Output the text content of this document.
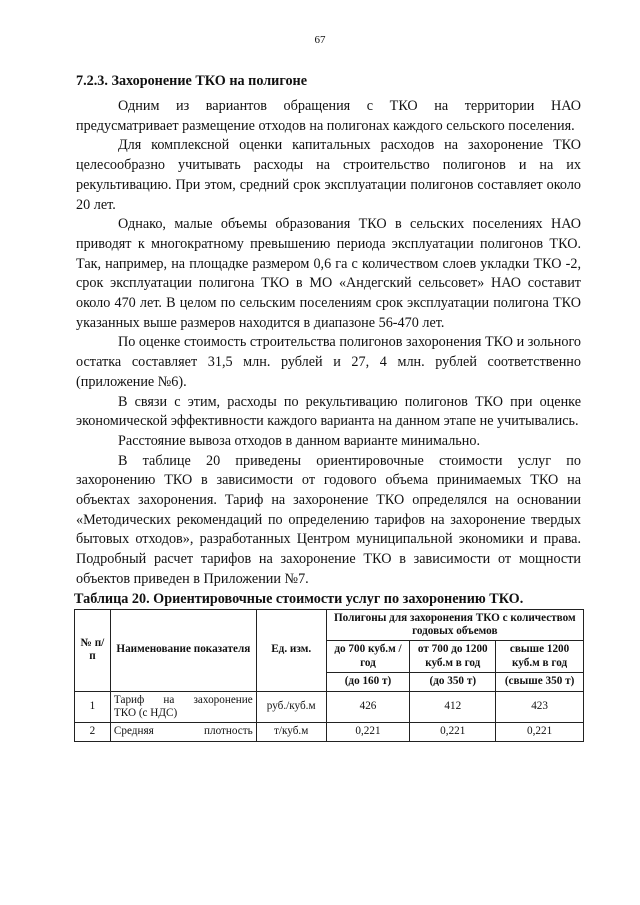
67

7.2.3. Захоронение ТКО на полигоне

Одним из вариантов обращения с ТКО на территории НАО предусматривает размещение отходов на полигонах каждого сельского поселения.

Для комплексной оценки капитальных расходов на захоронение ТКО целесообразно учитывать расходы на строительство полигонов и на их рекультивацию. При этом, средний срок эксплуатации полигонов составляет около 20 лет.

Однако, малые объемы образования ТКО в сельских поселениях НАО приводят к многократному превышению периода эксплуатации полигонов ТКО. Так, например, на площадке размером 0,6 га с количеством слоев укладки ТКО -2, срок эксплуатации полигона ТКО в МО «Андегский сельсовет» НАО составит около 470 лет. В целом по сельским поселениям срок эксплуатации полигона ТКО указанных выше размеров находится в диапазоне 56-470 лет.

По оценке стоимость строительства полигонов захоронения ТКО и зольного остатка составляет 31,5 млн. рублей и 27, 4 млн. рублей соответственно (приложение №6).

В связи с этим, расходы по рекультивацию полигонов ТКО при оценке экономической эффективности каждого варианта на данном этапе не учитывались.

Расстояние вывоза отходов в данном варианте минимально.

В таблице 20 приведены ориентировочные стоимости услуг по захоронению ТКО в зависимости от годового объема принимаемых ТКО на объектах захоронения. Тариф на захоронение ТКО определялся на основании «Методических рекомендаций по определению тарифов на захоронение твердых бытовых отходов», разработанных Центром муниципальной экономики и права. Подробный расчет тарифов на захоронение ТКО в зависимости от мощности объектов приведен в Приложении №7.

Таблица 20. Ориентировочные стоимости услуг по захоронению ТКО.

№ п/п	Наименование показателя	Ед. изм.	Полигоны для захоронения ТКО с количеством годовых объемов		
			до 700 куб.м /год	от 700 до 1200 куб.м в год	свыше 1200 куб.м в год
			(до 160 т)	(до 350 т)	(свыше 350 т)
1	Тариф на захоронение
ТКО (с НДС)	руб./куб.м	426	412	423
2	Средняя плотность	т/куб.м	0,221	0,221	0,221
